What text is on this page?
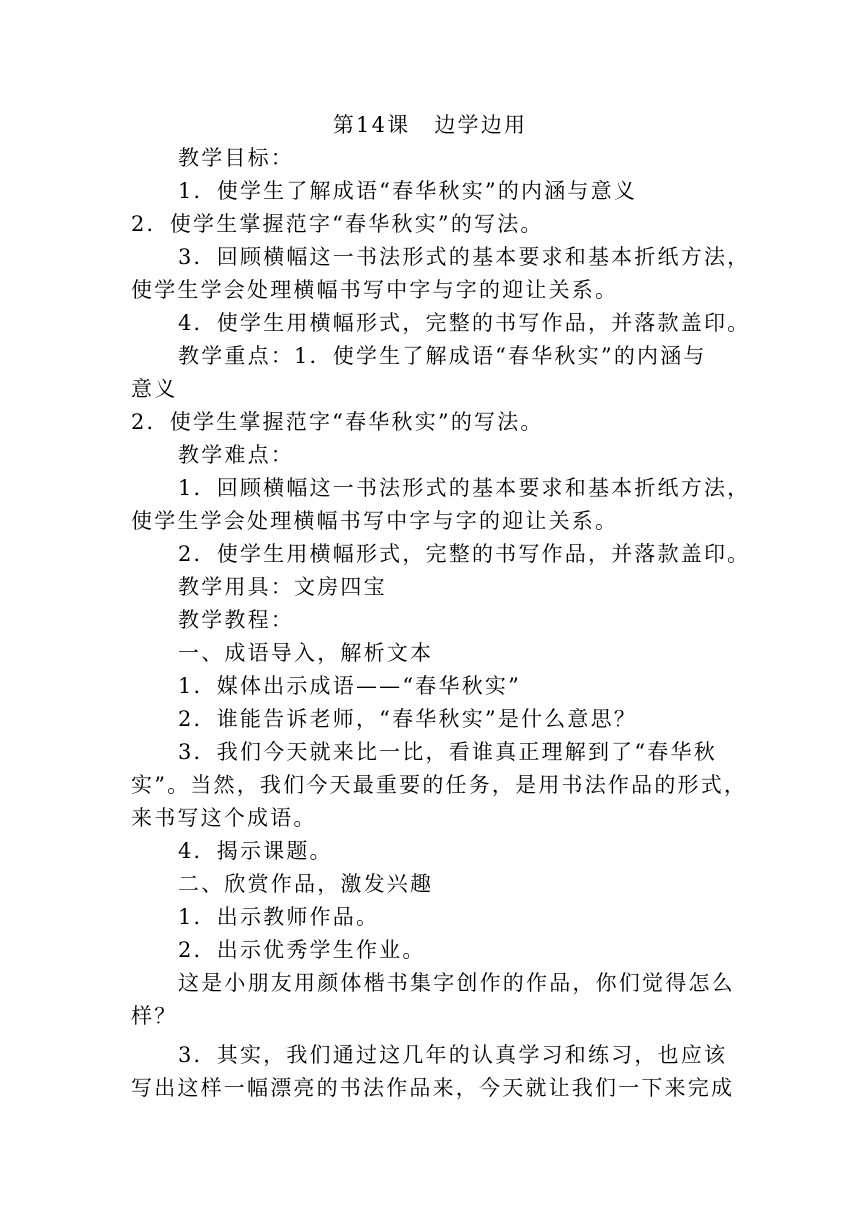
第14课 边学边用
教学目标：
1．使学生了解成语“春华秋实”的内涵与意义
2．使学生掌握范字“春华秋实”的写法。
3．回顾横幅这一书法形式的基本要求和基本折纸方法，
使学生学会处理横幅书写中字与字的迎让关系。
4．使学生用横幅形式，完整的书写作品，并落款盖印。
教学重点：1．使学生了解成语“春华秋实”的内涵与
意义
2．使学生掌握范字“春华秋实”的写法。
教学难点：
1．回顾横幅这一书法形式的基本要求和基本折纸方法，
使学生学会处理横幅书写中字与字的迎让关系。
2．使学生用横幅形式，完整的书写作品，并落款盖印。
教学用具：文房四宝
教学教程：
一、成语导入，解析文本
1．媒体出示成语——“春华秋实”
2．谁能告诉老师，“春华秋实”是什么意思？
3．我们今天就来比一比，看谁真正理解到了“春华秋
实”。当然，我们今天最重要的任务，是用书法作品的形式，
来书写这个成语。
4．揭示课题。
二、欣赏作品，激发兴趣
1．出示教师作品。
2．出示优秀学生作业。
这是小朋友用颜体楷书集字创作的作品，你们觉得怎么
样？
3．其实，我们通过这几年的认真学习和练习，也应该
写出这样一幅漂亮的书法作品来，今天就让我们一下来完成
